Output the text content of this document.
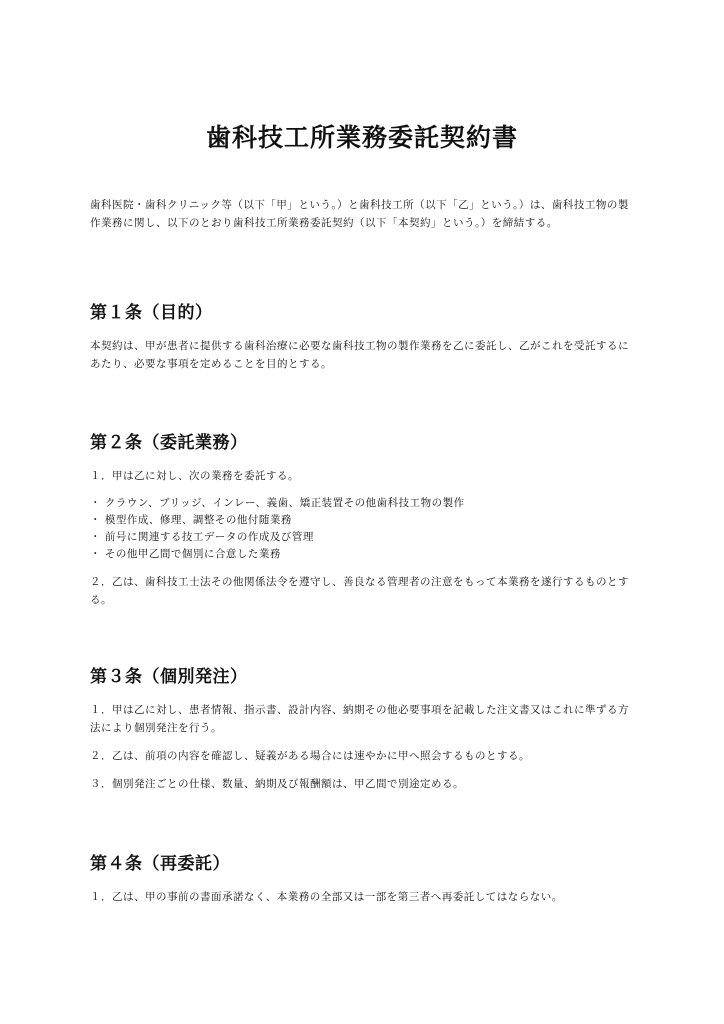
歯科技工所業務委託契約書

歯科医院・歯科クリニック等（以下「甲」という。）と歯科技工所（以下「乙」という。）は、歯科技工物の製作業務に関し、以下のとおり歯科技工所業務委託契約（以下「本契約」という。）を締結する。

第１条（目的）

本契約は、甲が患者に提供する歯科治療に必要な歯科技工物の製作業務を乙に委託し、乙がこれを受託するにあたり、必要な事項を定めることを目的とする。

第２条（委託業務）

１．甲は乙に対し、次の業務を委託する。

・ クラウン、ブリッジ、インレー、義歯、矯正装置その他歯科技工物の製作
・ 模型作成、修理、調整その他付随業務
・ 前号に関連する技工データの作成及び管理
・ その他甲乙間で個別に合意した業務

２．乙は、歯科技工士法その他関係法令を遵守し、善良なる管理者の注意をもって本業務を遂行するものとする。

第３条（個別発注）

１．甲は乙に対し、患者情報、指示書、設計内容、納期その他必要事項を記載した注文書又はこれに準ずる方法により個別発注を行う。

２．乙は、前項の内容を確認し、疑義がある場合には速やかに甲へ照会するものとする。

３．個別発注ごとの仕様、数量、納期及び報酬額は、甲乙間で別途定める。

第４条（再委託）

１．乙は、甲の事前の書面承諾なく、本業務の全部又は一部を第三者へ再委託してはならない。
